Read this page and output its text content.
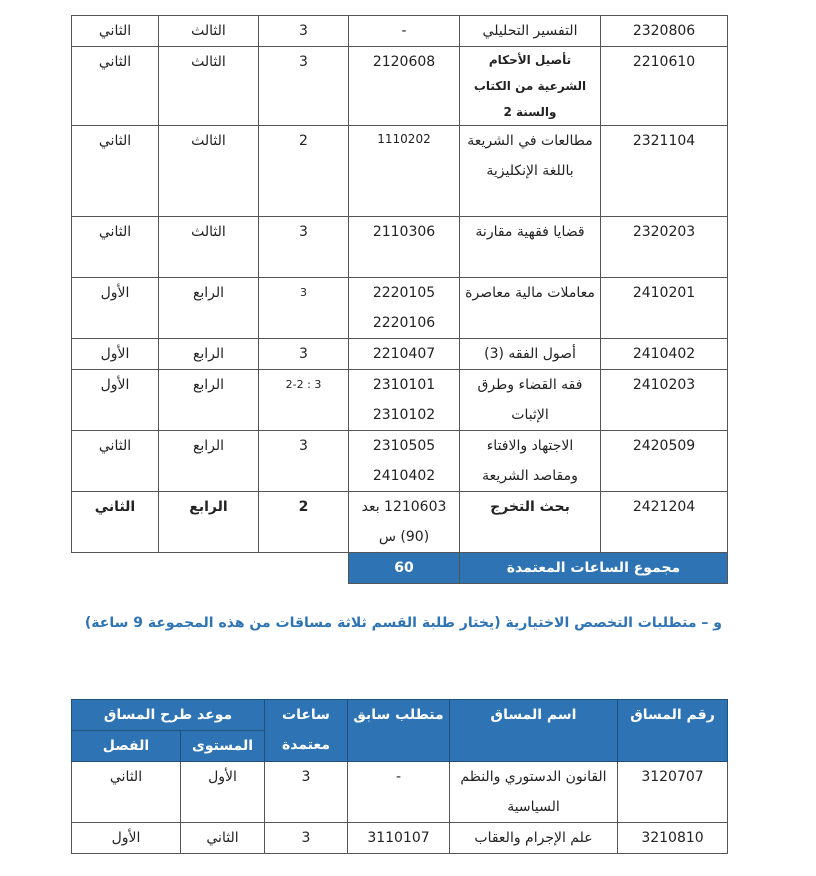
2320806	التفسير التحليلي	-	3	الثالث	الثاني
2210610	تأصيل الأحكام الشرعية من الكتاب والسنة 2	2120608	3	الثالث	الثاني
2321104	مطالعات في الشريعة باللغة الإنكليزية	1110202	2	الثالث	الثاني
2320203	قضايا فقهية مقارنة	2110306	3	الثالث	الثاني
2410201	معاملات مالية معاصرة	2220105 2220106	3	الرابع	الأول
2410402	أصول الفقه (3)	2210407	3	الرابع	الأول
2410203	فقه القضاء وطرق الإثبات	2310101 2310102	3 : 2-2	الرابع	الأول
2420509	الاجتهاد والافتاء ومقاصد الشريعة	2310505 2410402	3	الرابع	الثاني
2421204	بحث التخرج	1210603 بعد (90) س	2	الرابع	الثاني
مجموع الساعات المعتمدة		60			
و – متطلبات التخصص الاختيارية (يختار طلبة القسم ثلاثة مساقات من هذه المجموعة 9 ساعة)
رقم المساق	اسم المساق	متطلب سابق	ساعات معتمدة	موعد طرح المساق	
				المستوى	الفصل
3120707	القانون الدستوري والنظم السياسية	-	3	الأول	الثاني
3210810	علم الإجرام والعقاب	3110107	3	الثاني	الأول
